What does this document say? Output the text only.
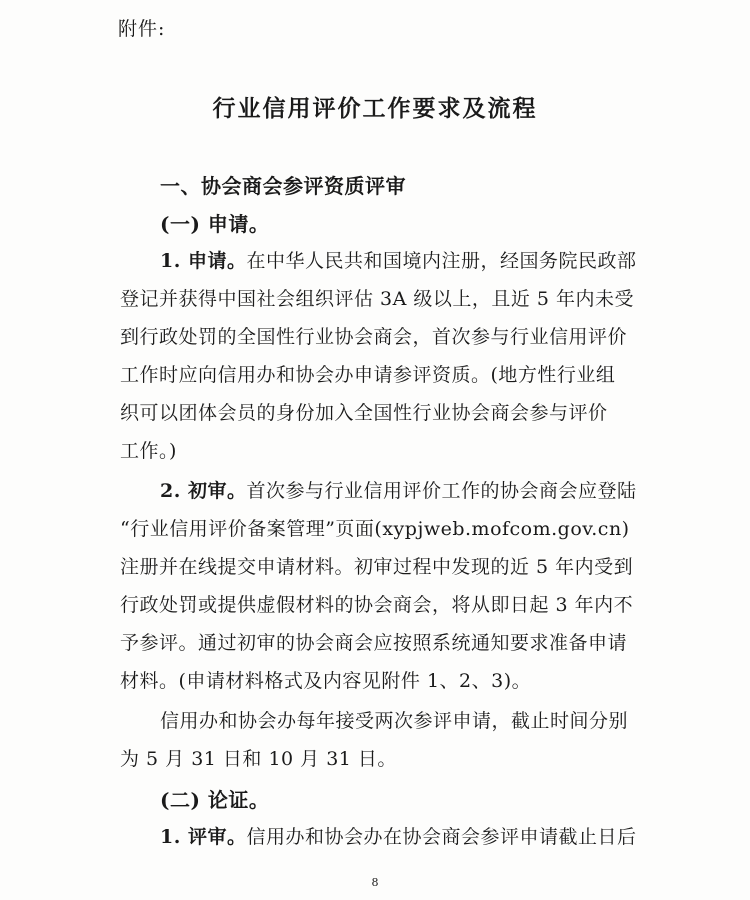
附件:
行业信用评价工作要求及流程
一、协会商会参评资质评审
(一) 申请。
1. 申请。在中华人民共和国境内注册，经国务院民政部
登记并获得中国社会组织评估 3A 级以上，且近 5 年内未受
到行政处罚的全国性行业协会商会，首次参与行业信用评价
工作时应向信用办和协会办申请参评资质。(地方性行业组
织可以团体会员的身份加入全国性行业协会商会参与评价
工作。)
2. 初审。首次参与行业信用评价工作的协会商会应登陆
“行业信用评价备案管理”页面(xypjweb.mofcom.gov.cn)
注册并在线提交申请材料。初审过程中发现的近 5 年内受到
行政处罚或提供虚假材料的协会商会，将从即日起 3 年内不
予参评。通过初审的协会商会应按照系统通知要求准备申请
材料。(申请材料格式及内容见附件 1、2、3)。
信用办和协会办每年接受两次参评申请，截止时间分别
为 5 月 31 日和 10 月 31 日。
(二) 论证。
1. 评审。信用办和协会办在协会商会参评申请截止日后
8
